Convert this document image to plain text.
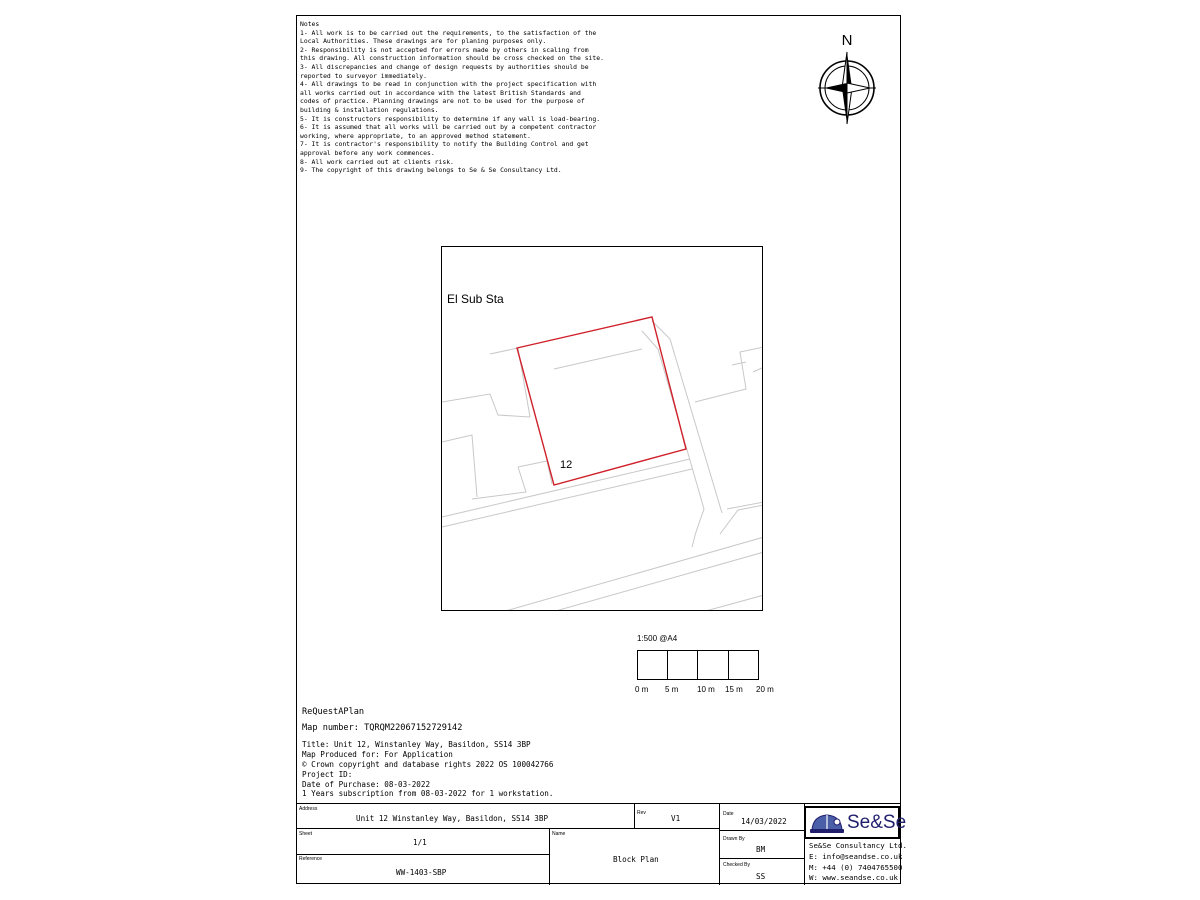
Notes
1- All work is to be carried out the requirements, to the satisfaction of the
Local Authorities. These drawings are for planing purposes only.
2- Responsibility is not accepted for errors made by others in scaling from
this drawing. All construction information should be cross checked on the site.
3- All discrepancies and change of design requests by authorities should be
reported to surveyor immediately.
4- All drawings to be read in conjunction with the project specification with
all works carried out in accordance with the latest British Standards and
codes of practice. Planning drawings are not to be used for the purpose of
building & installation regulations.
5- It is constructors responsibility to determine if any wall is load-bearing.
6- It is assumed that all works will be carried out by a competent contractor
working, where appropriate, to an approved method statement.
7- It is contractor's responsibility to notify the Building Control and get
approval before any work commences.
8- All work carried out at clients risk.
9- The copyright of this drawing belongs to Se & Se Consultancy Ltd.
N
El Sub Sta
12
1:500 @A4
0 m 5 m 10 m 15 m 20 m
ReQuestAPlan
Map number: TQRQM22067152729142
Title: Unit 12, Winstanley Way, Basildon, SS14 3BP
Map Produced for: For Application
© Crown copyright and database rights 2022 OS 100042766
Project ID:
Date of Purchase: 08-03-2022
1 Years subscription from 08-03-2022 for 1 workstation.
Address
Unit 12 Winstanley Way, Basildon, SS14 3BP
Rev
V1	Date
14/03/2022
Sheet
1/1
Name
Block Plan
Drawn By
BM
Reference
WW-1403-SBP
Checked By
SS
Se&Se
Se&Se Consultancy Ltd.
E: info@seandse.co.uk
M: +44 (0) 7404765500
W: www.seandse.co.uk
